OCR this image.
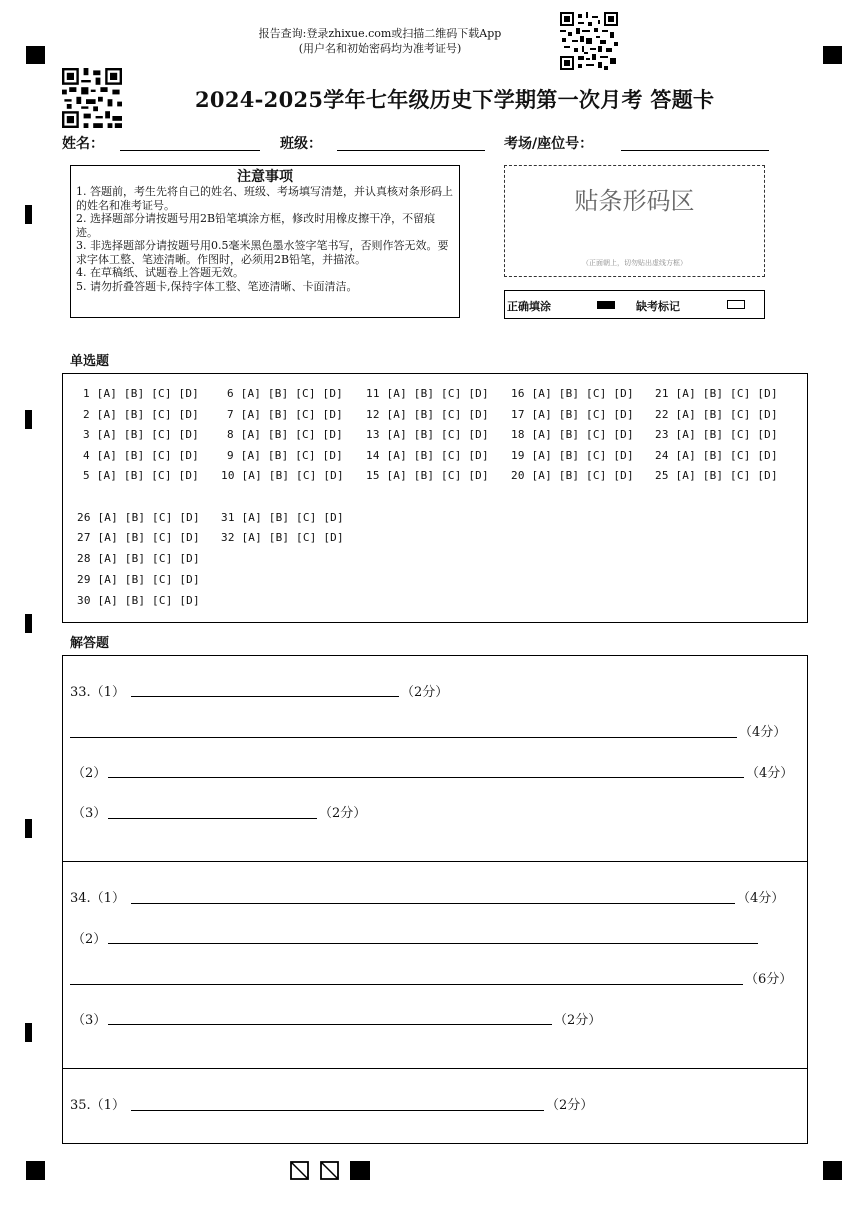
报告查询:登录zhixue.com或扫描二维码下载App
(用户名和初始密码均为准考证号)
2024-2025学年七年级历史下学期第一次月考 答题卡
姓名：	班级：	考场/座位号：
注意事项

1. 答题前，考生先将自己的姓名、班级、考场填写清楚，并认真核对条形码上的姓名和准考证号。

2. 选择题部分请按题号用2B铅笔填涂方框，修改时用橡皮擦干净，不留痕迹。

3. 非选择题部分请按题号用0.5毫米黑色墨水签字笔书写，否则作答无效。要求字体工整、笔迹清晰。作图时，必须用2B铅笔，并描浓。

4. 在草稿纸、试题卷上答题无效。

5. 请勿折叠答题卡,保持字体工整、笔迹清晰、卡面清洁。

贴条形码区
（正面朝上，切勿贴出虚线方框）
正确填涂	缺考标记
单选题
1 [A] [B] [C] [D]
2 [A] [B] [C] [D]
3 [A] [B] [C] [D]
4 [A] [B] [C] [D]
5 [A] [B] [C] [D]
6 [A] [B] [C] [D]
7 [A] [B] [C] [D]
8 [A] [B] [C] [D]
9 [A] [B] [C] [D]
10 [A] [B] [C] [D]
11 [A] [B] [C] [D]
12 [A] [B] [C] [D]
13 [A] [B] [C] [D]
14 [A] [B] [C] [D]
15 [A] [B] [C] [D]
16 [A] [B] [C] [D]
17 [A] [B] [C] [D]
18 [A] [B] [C] [D]
19 [A] [B] [C] [D]
20 [A] [B] [C] [D]
21 [A] [B] [C] [D]
22 [A] [B] [C] [D]
23 [A] [B] [C] [D]
24 [A] [B] [C] [D]
25 [A] [B] [C] [D]
26 [A] [B] [C] [D]
27 [A] [B] [C] [D]
28 [A] [B] [C] [D]
29 [A] [B] [C] [D]
30 [A] [B] [C] [D]
31 [A] [B] [C] [D]
32 [A] [B] [C] [D]
解答题
33.（1）	（2分）
（4分）
（2）	（4分）
（3）	（2分）
34.（1）	（4分）
（2）
（6分）
（3）	（2分）
35.（1）	（2分）
